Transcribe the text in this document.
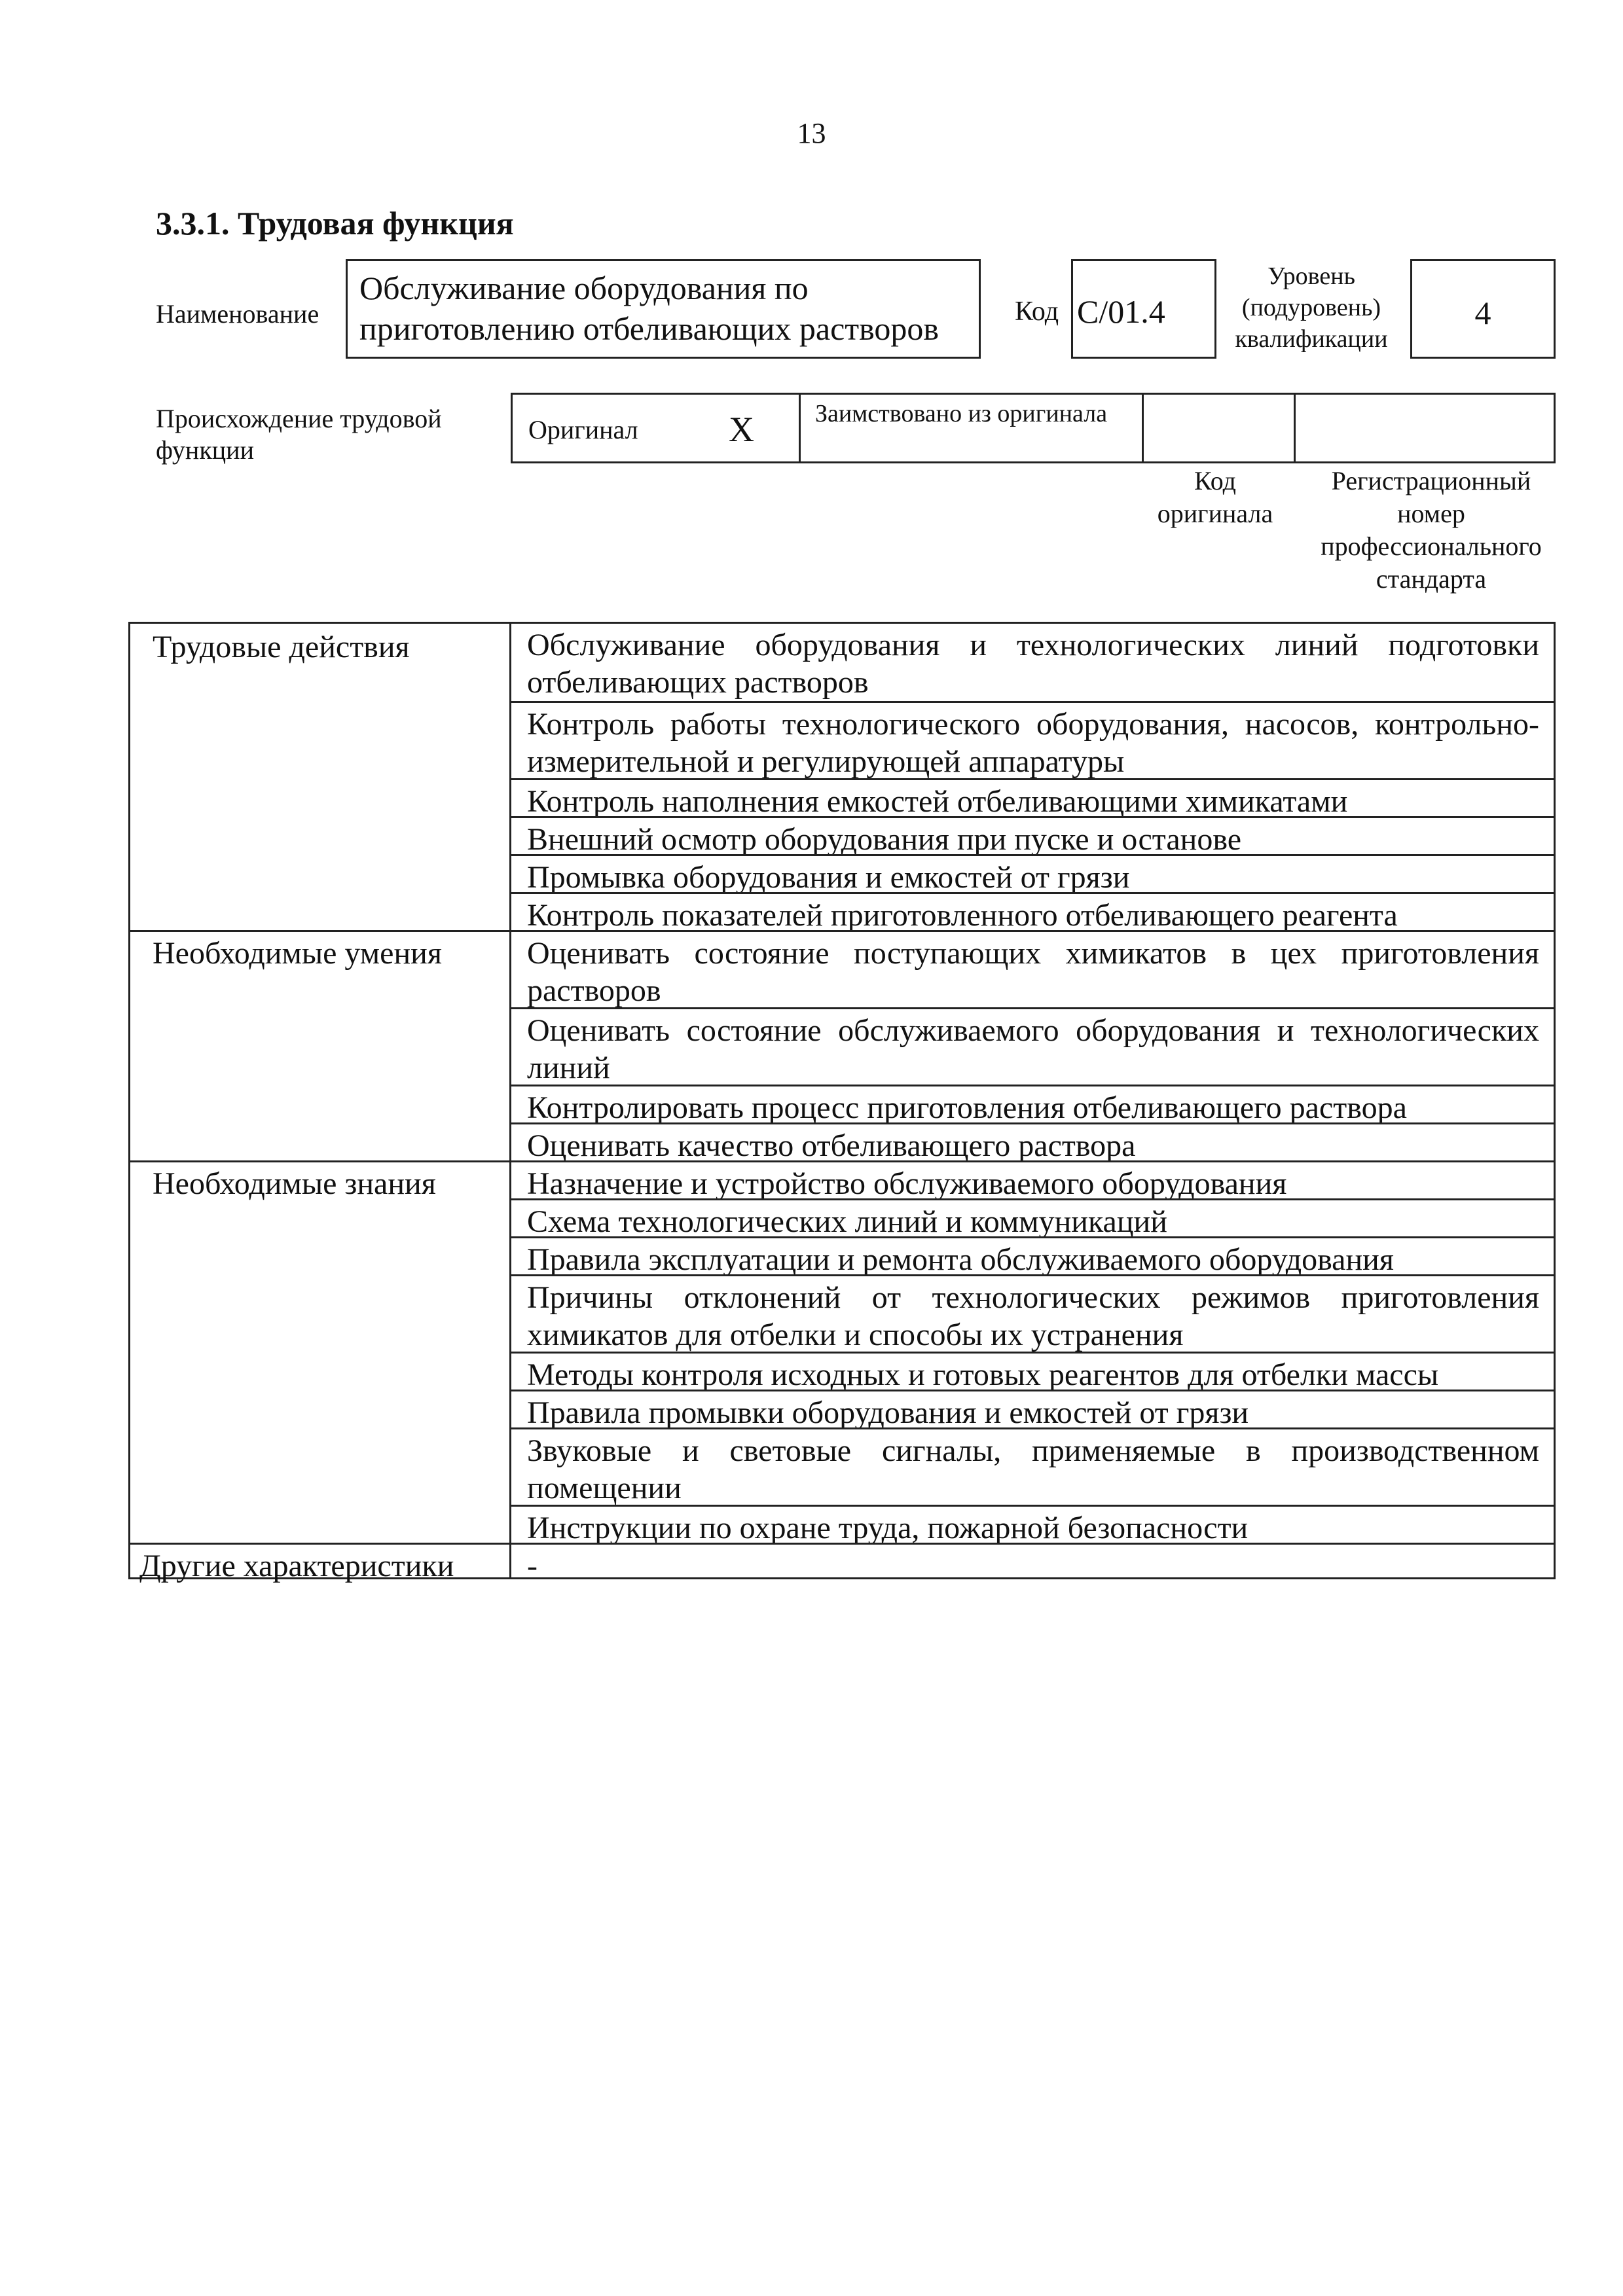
13
3.3.1. Трудовая функция
Наименование
Обслуживание оборудования по приготовлению отбеливающих растворов	Код C/01.4
Уровень (подуровень) квалификации
4
Происхождение трудовой функции
Оригинал	X Заимствовано из оригинала
Код оригинала
Регистрационный номер профессионального стандарта
Трудовые действия	Обслуживание оборудования и технологических линий подготовки отбеливающих растворов
Контроль работы технологического оборудования, насосов, контрольно-измерительной и регулирующей аппаратуры
Контроль наполнения емкостей отбеливающими химикатами
Внешний осмотр оборудования при пуске и останове
Промывка оборудования и емкостей от грязи
Контроль показателей приготовленного отбеливающего реагента
Необходимые умения	Оценивать состояние поступающих химикатов в цех приготовления растворов
Оценивать состояние обслуживаемого оборудования и технологических линий
Контролировать процесс приготовления отбеливающего раствора
Оценивать качество отбеливающего раствора
Необходимые знания	Назначение и устройство обслуживаемого оборудования
Схема технологических линий и коммуникаций
Правила эксплуатации и ремонта обслуживаемого оборудования
Причины отклонений от технологических режимов приготовления химикатов для отбелки и способы их устранения
Методы контроля исходных и готовых реагентов для отбелки массы
Правила промывки оборудования и емкостей от грязи
Звуковые и световые сигналы, применяемые в производственном помещении
Инструкции по охране труда, пожарной безопасности
Другие характеристики	-
